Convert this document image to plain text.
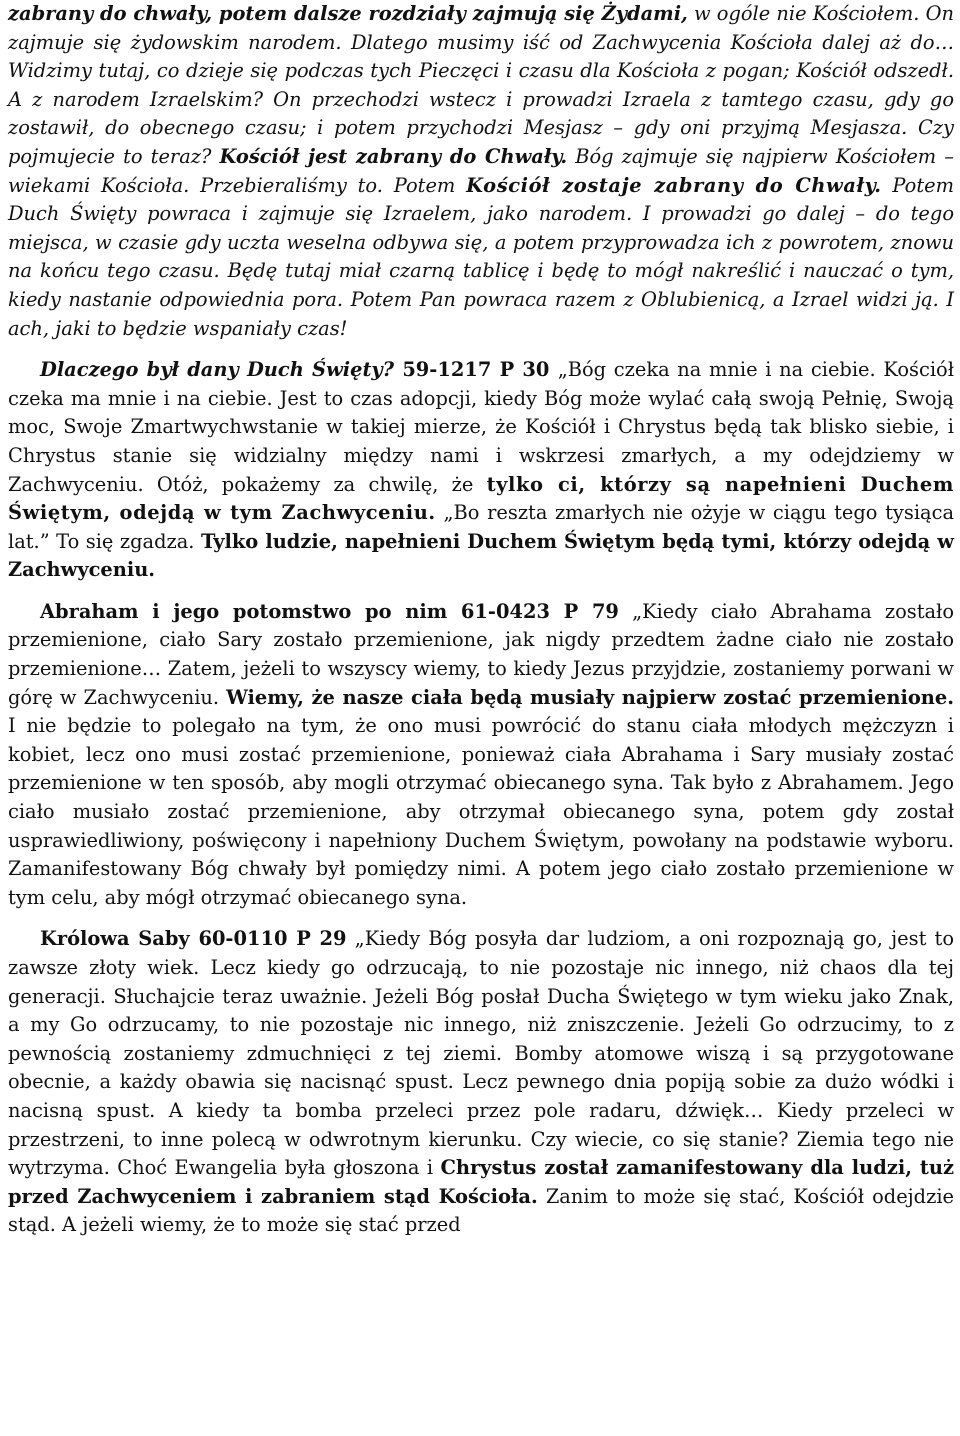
zabrany do chwały, potem dalsze rozdziały zajmują się Żydami, w ogóle nie Kościołem. On zajmuje się żydowskim narodem. Dlatego musimy iść od Zachwycenia Kościoła dalej aż do… Widzimy tutaj, co dzieje się podczas tych Pieczęci i czasu dla Kościoła z pogan; Kościół odszedł. A z narodem Izraelskim? On przechodzi wstecz i prowadzi Izraela z tamtego czasu, gdy go zostawił, do obecnego czasu; i potem przychodzi Mesjasz – gdy oni przyjmą Mesjasza. Czy pojmujecie to teraz? Kościół jest zabrany do Chwały. Bóg zajmuje się najpierw Kościołem – wiekami Kościoła. Przebieraliśmy to. Potem Kościół zostaje zabrany do Chwały. Potem Duch Święty powraca i zajmuje się Izraelem, jako narodem. I prowadzi go dalej – do tego miejsca, w czasie gdy uczta weselna odbywa się, a potem przyprowadza ich z powrotem, znowu na końcu tego czasu. Będę tutaj miał czarną tablicę i będę to mógł nakreślić i nauczać o tym, kiedy nastanie odpowiednia pora. Potem Pan powraca razem z Oblubienicą, a Izrael widzi ją. I ach, jaki to będzie wspaniały czas!

Dlaczego był dany Duch Święty? 59-1217 P 30 „Bóg czeka na mnie i na ciebie. Kościół czeka ma mnie i na ciebie. Jest to czas adopcji, kiedy Bóg może wylać całą swoją Pełnię, Swoją moc, Swoje Zmartwychwstanie w takiej mierze, że Kościół i Chrystus będą tak blisko siebie, i Chrystus stanie się widzialny między nami i wskrzesi zmarłych, a my odejdziemy w Zachwyceniu. Otóż, pokażemy za chwilę, że tylko ci, którzy są napełnieni Duchem Świętym, odejdą w tym Zachwyceniu. „Bo reszta zmarłych nie ożyje w ciągu tego tysiąca lat.” To się zgadza. Tylko ludzie, napełnieni Duchem Świętym będą tymi, którzy odejdą w Zachwyceniu.

Abraham i jego potomstwo po nim 61-0423 P 79 „Kiedy ciało Abrahama zostało przemienione, ciało Sary zostało przemienione, jak nigdy przedtem żadne ciało nie zostało przemienione… Zatem, jeżeli to wszyscy wiemy, to kiedy Jezus przyjdzie, zostaniemy porwani w górę w Zachwyceniu. Wiemy, że nasze ciała będą musiały najpierw zostać przemienione. I nie będzie to polegało na tym, że ono musi powrócić do stanu ciała młodych mężczyzn i kobiet, lecz ono musi zostać przemienione, ponieważ ciała Abrahama i Sary musiały zostać przemienione w ten sposób, aby mogli otrzymać obiecanego syna. Tak było z Abrahamem. Jego ciało musiało zostać przemienione, aby otrzymał obiecanego syna, potem gdy został usprawiedliwiony, poświęcony i napełniony Duchem Świętym, powołany na podstawie wyboru. Zamanifestowany Bóg chwały był pomiędzy nimi. A potem jego ciało zostało przemienione w tym celu, aby mógł otrzymać obiecanego syna.

Królowa Saby 60-0110 P 29 „Kiedy Bóg posyła dar ludziom, a oni rozpoznają go, jest to zawsze złoty wiek. Lecz kiedy go odrzucają, to nie pozostaje nic innego, niż chaos dla tej generacji. Słuchajcie teraz uważnie. Jeżeli Bóg posłał Ducha Świętego w tym wieku jako Znak, a my Go odrzucamy, to nie pozostaje nic innego, niż zniszczenie. Jeżeli Go odrzucimy, to z pewnością zostaniemy zdmuchnięci z tej ziemi. Bomby atomowe wiszą i są przygotowane obecnie, a każdy obawia się nacisnąć spust. Lecz pewnego dnia popiją sobie za dużo wódki i nacisną spust. A kiedy ta bomba przeleci przez pole radaru, dźwięk… Kiedy przeleci w przestrzeni, to inne polecą w odwrotnym kierunku. Czy wiecie, co się stanie? Ziemia tego nie wytrzyma. Choć Ewangelia była głoszona i Chrystus został zamanifestowany dla ludzi, tuż przed Zachwyceniem i zabraniem stąd Kościoła. Zanim to może się stać, Kościół odejdzie stąd. A jeżeli wiemy, że to może się stać przed
